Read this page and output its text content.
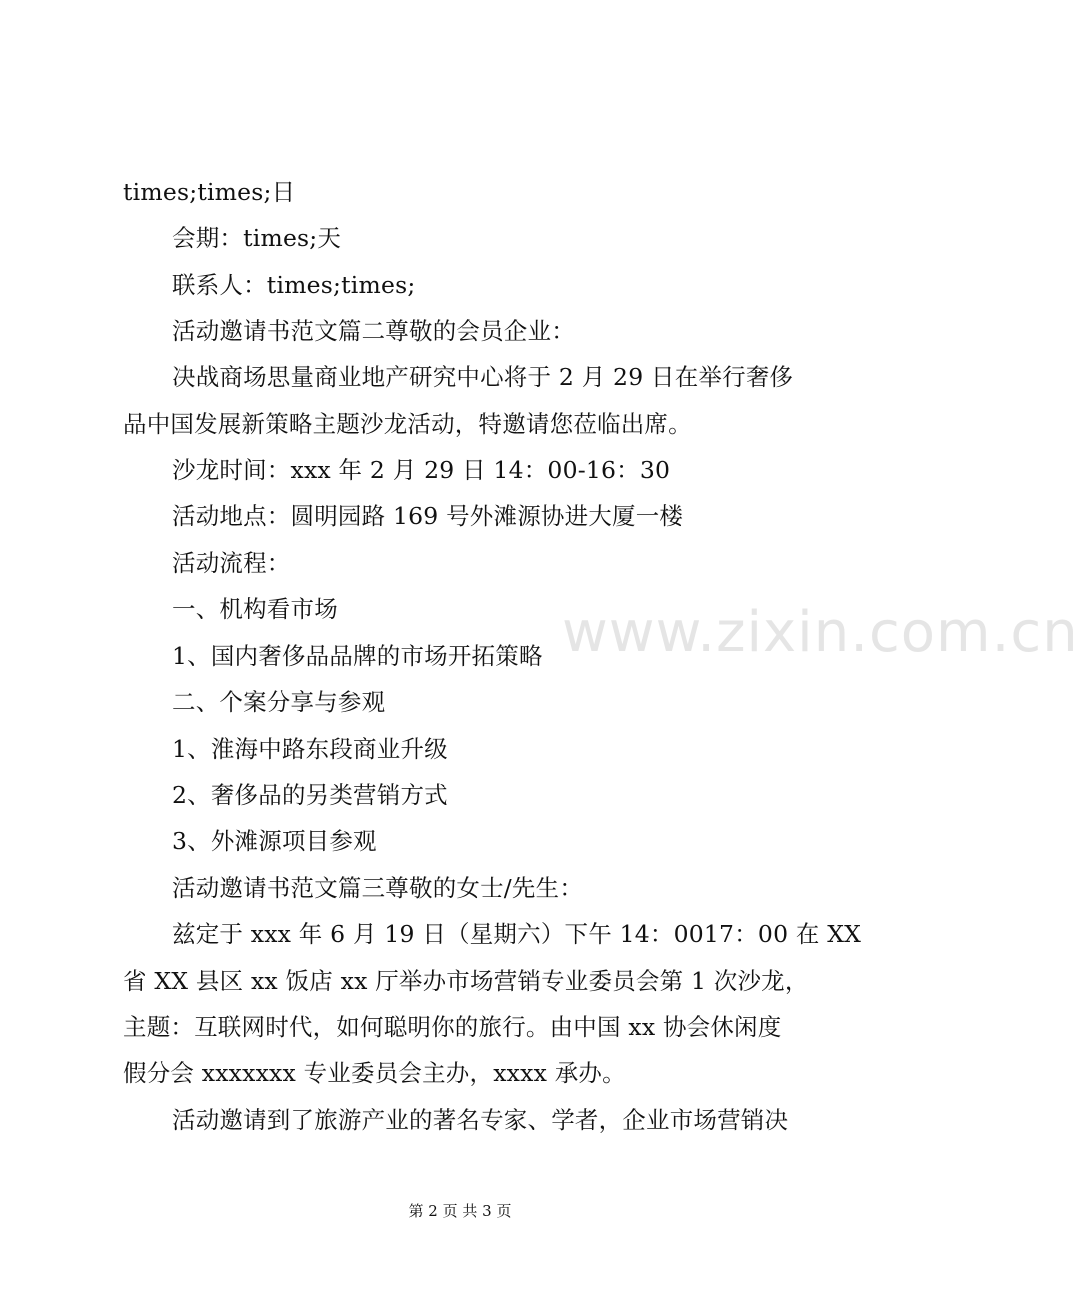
times;times;日
会期：times;天
联系人：times;times;
活动邀请书范文篇二尊敬的会员企业：
决战商场思量商业地产研究中心将于 2 月 29 日在举行奢侈
品中国发展新策略主题沙龙活动，特邀请您莅临出席。
沙龙时间：xxx 年 2 月 29 日 14：00-16：30
活动地点：圆明园路 169 号外滩源协进大厦一楼
活动流程：
一、机构看市场
1、国内奢侈品品牌的市场开拓策略
二、个案分享与参观
1、淮海中路东段商业升级
2、奢侈品的另类营销方式
3、外滩源项目参观
活动邀请书范文篇三尊敬的女士/先生：
兹定于 xxx 年 6 月 19 日（星期六）下午 14：0017：00 在 XX
省 XX 县区 xx 饭店 xx 厅举办市场营销专业委员会第 1 次沙龙，
主题：互联网时代，如何聪明你的旅行。由中国 xx 协会休闲度
假分会 xxxxxxx 专业委员会主办，xxxx 承办。
活动邀请到了旅游产业的著名专家、学者，企业市场营销决
www.zixin.com.cn
第 2 页 共 3 页
